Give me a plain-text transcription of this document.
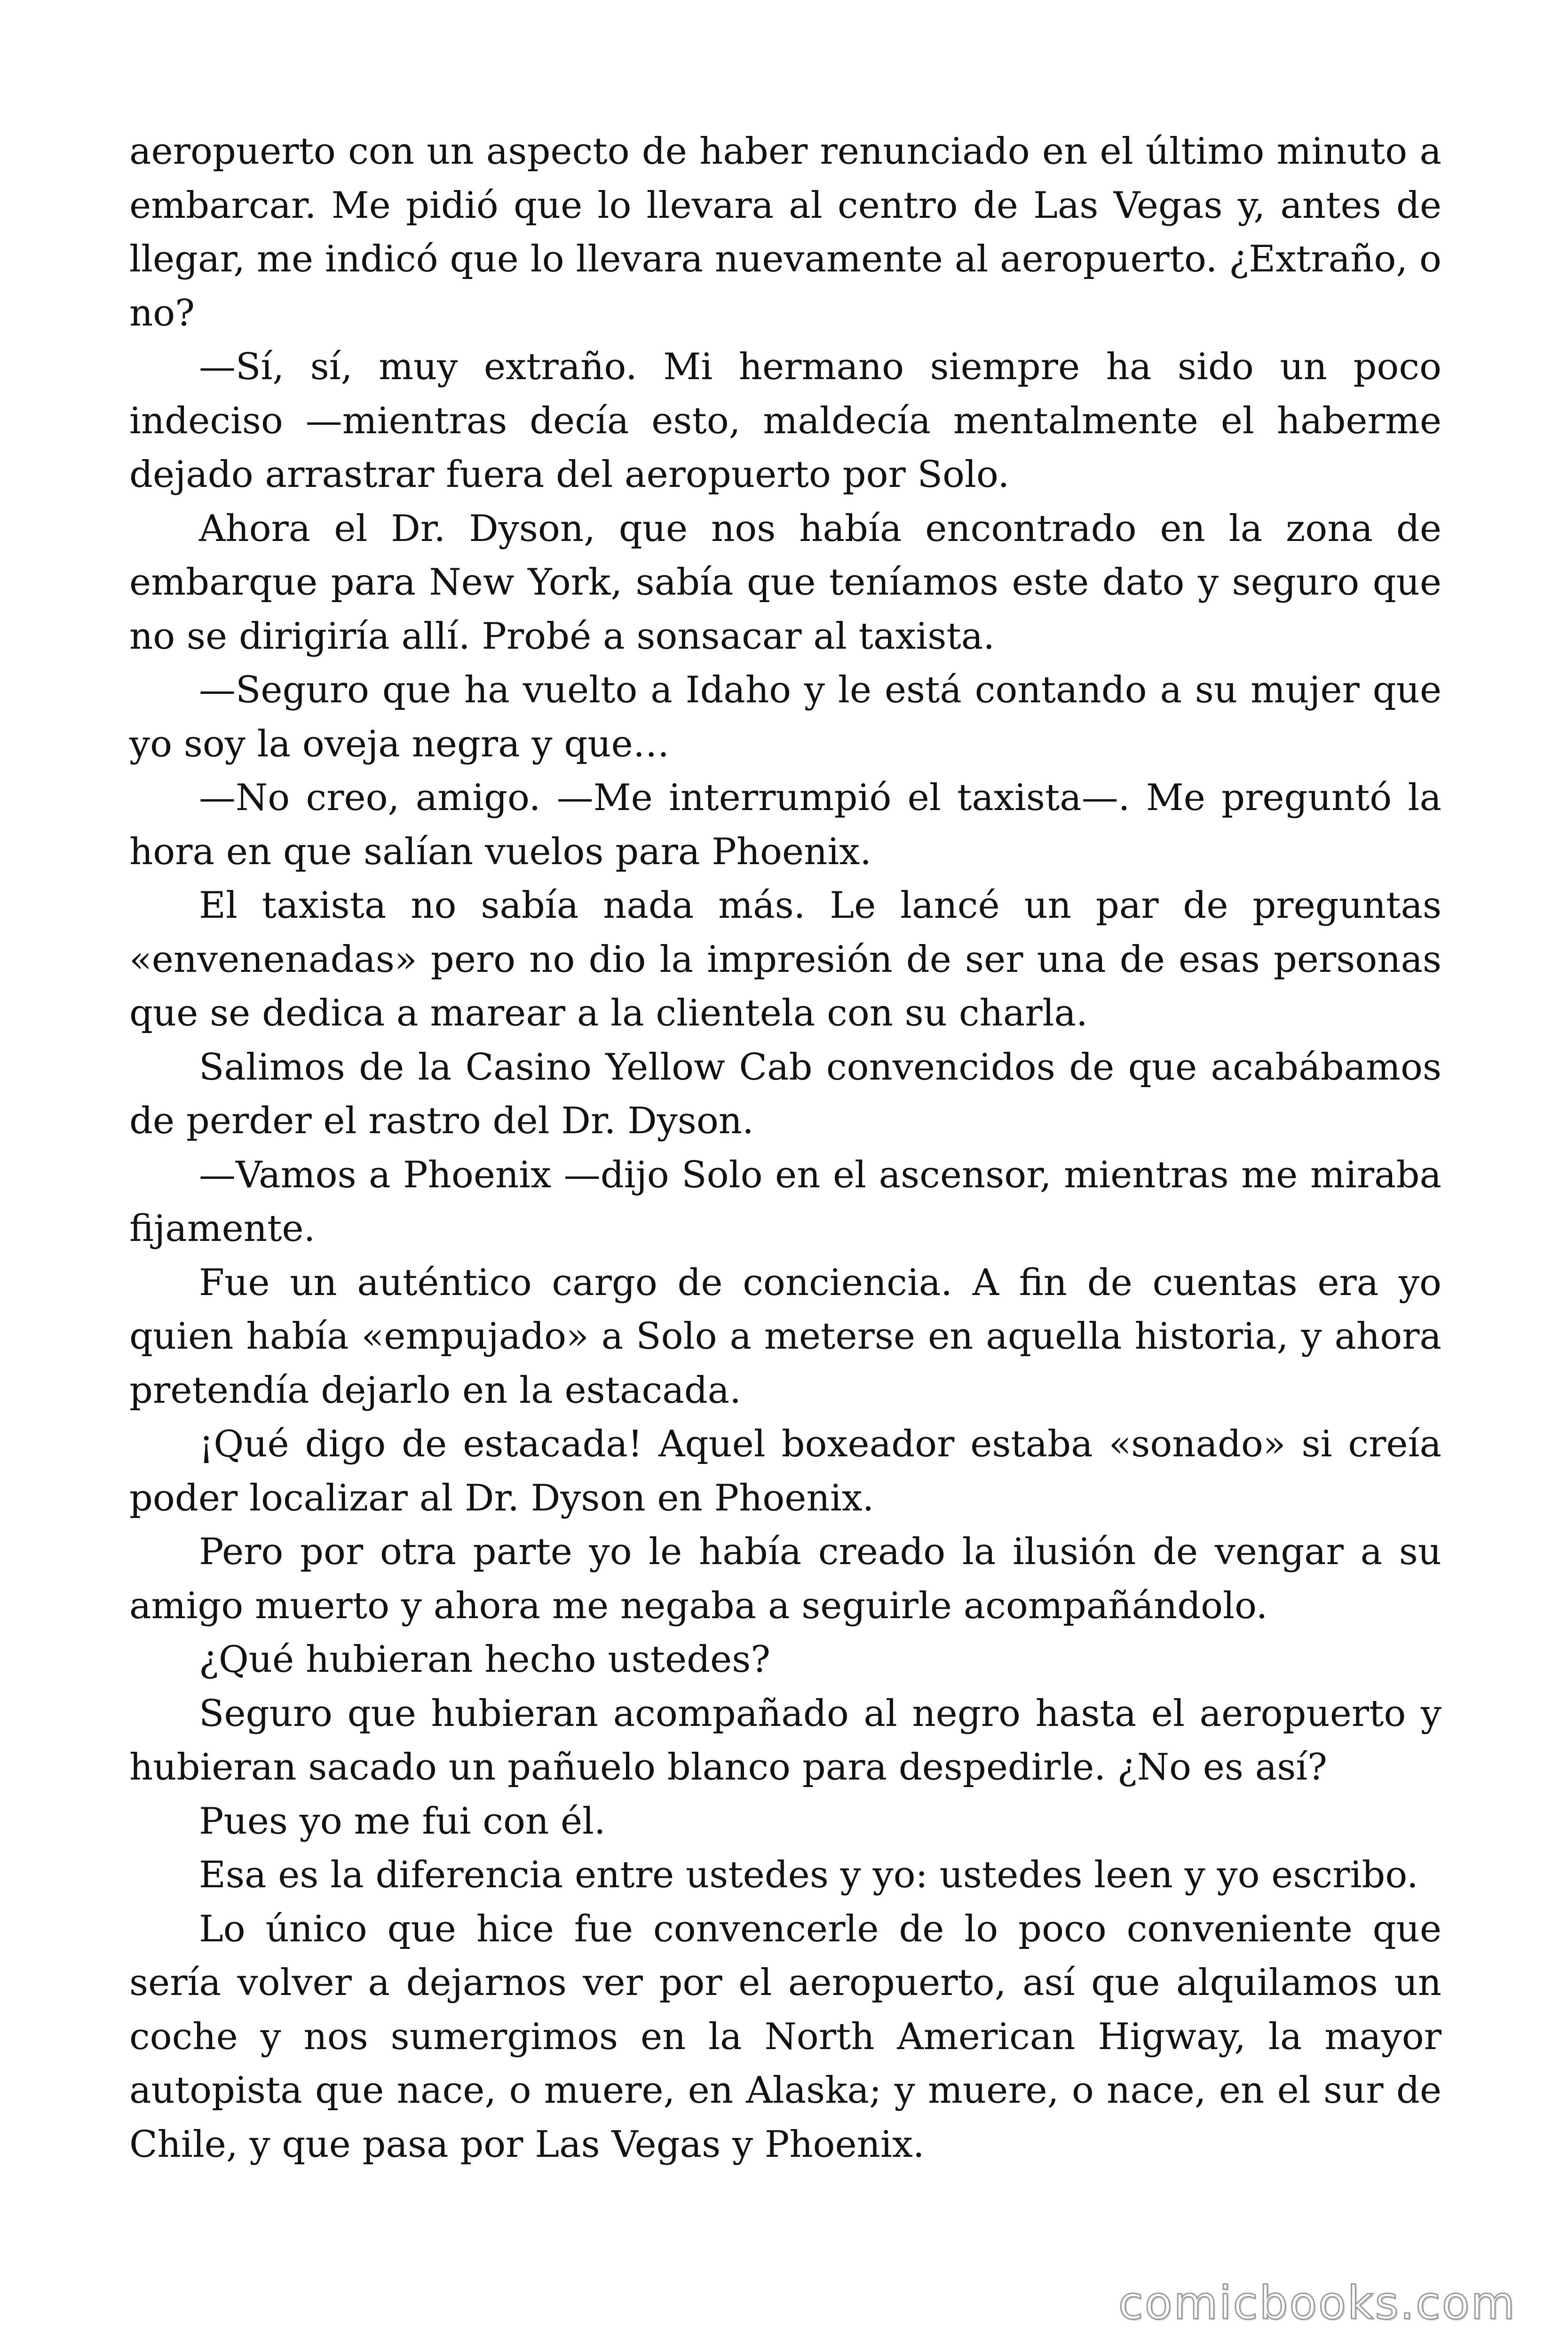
aeropuerto con un aspecto de haber renunciado en el último minuto a embarcar. Me pidió que lo llevara al centro de Las Vegas y, antes de llegar, me indicó que lo llevara nuevamente al aeropuerto. ¿Extraño, o no?

—Sí, sí, muy extraño. Mi hermano siempre ha sido un poco indeciso —mientras decía esto, maldecía mentalmente el haberme dejado arrastrar fuera del aeropuerto por Solo.

Ahora el Dr. Dyson, que nos había encontrado en la zona de embarque para New York, sabía que teníamos este dato y seguro que no se dirigiría allí. Probé a sonsacar al taxista.

—Seguro que ha vuelto a Idaho y le está contando a su mujer que yo soy la oveja negra y que…

—No creo, amigo. —Me interrumpió el taxista—. Me preguntó la hora en que salían vuelos para Phoenix.

El taxista no sabía nada más. Le lancé un par de preguntas «envenenadas» pero no dio la impresión de ser una de esas personas que se dedica a marear a la clientela con su charla.

Salimos de la Casino Yellow Cab convencidos de que acabábamos de perder el rastro del Dr. Dyson.

—Vamos a Phoenix —dijo Solo en el ascensor, mientras me miraba fijamente.

Fue un auténtico cargo de conciencia. A fin de cuentas era yo quien había «empujado» a Solo a meterse en aquella historia, y ahora pretendía dejarlo en la estacada.

¡Qué digo de estacada! Aquel boxeador estaba «sonado» si creía poder localizar al Dr. Dyson en Phoenix.

Pero por otra parte yo le había creado la ilusión de vengar a su amigo muerto y ahora me negaba a seguirle acompañándolo.

¿Qué hubieran hecho ustedes?

Seguro que hubieran acompañado al negro hasta el aeropuerto y hubieran sacado un pañuelo blanco para despedirle. ¿No es así?

Pues yo me fui con él.

Esa es la diferencia entre ustedes y yo: ustedes leen y yo escribo.

Lo único que hice fue convencerle de lo poco conveniente que sería volver a dejarnos ver por el aeropuerto, así que alquilamos un coche y nos sumergimos en la North American Higway, la mayor autopista que nace, o muere, en Alaska; y muere, o nace, en el sur de Chile, y que pasa por Las Vegas y Phoenix.

comicbooks.com
